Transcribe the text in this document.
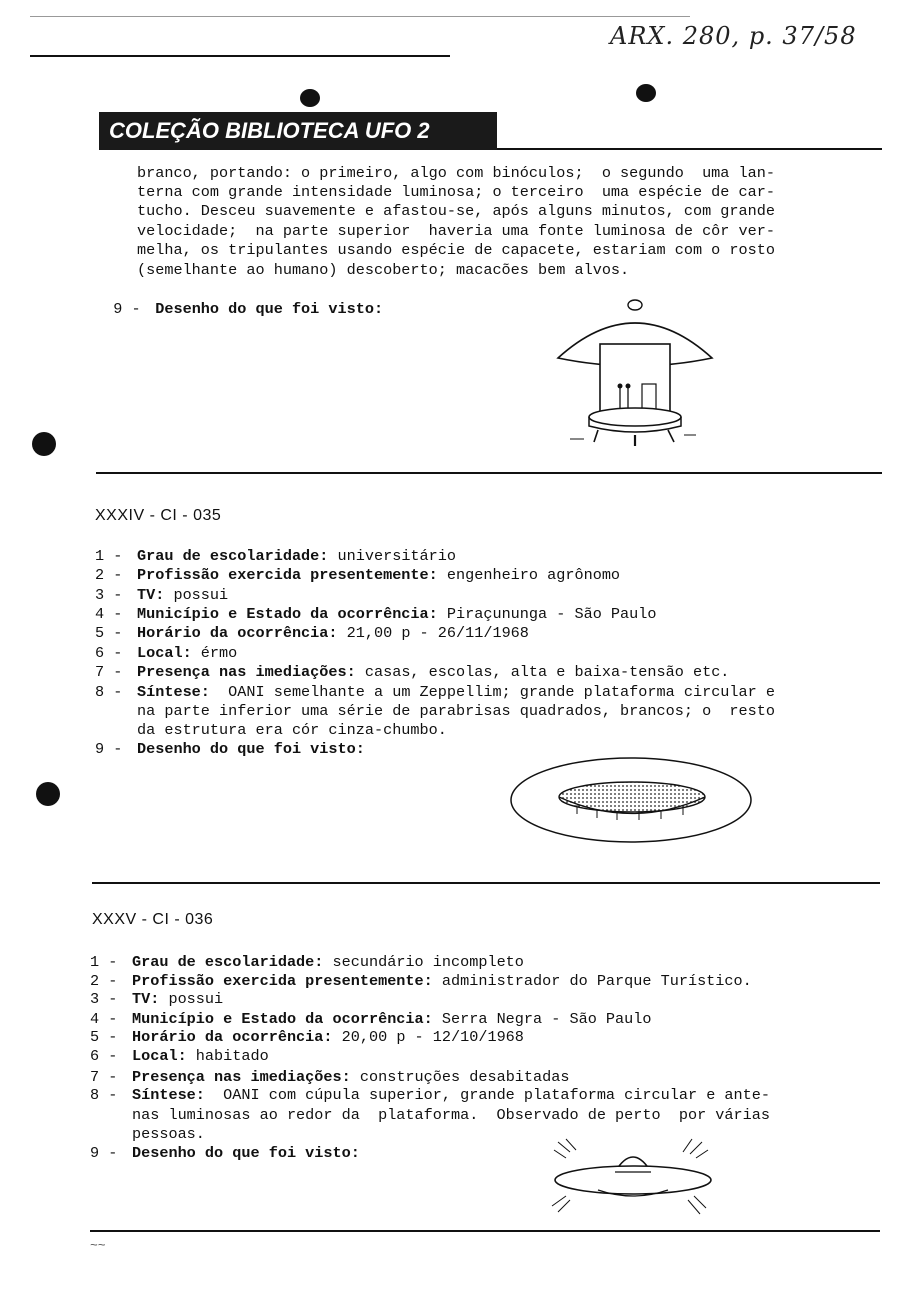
ARX. 280, p. 37/58
COLEÇÃO BIBLIOTECA UFO 2
branco, portando: o primeiro, algo com binóculos;  o segundo  uma lan-
terna com grande intensidade luminosa; o terceiro  uma espécie de car-
tucho. Desceu suavemente e afastou-se, após alguns minutos, com grande
velocidade;  na parte superior  haveria uma fonte luminosa de côr ver-
melha, os tripulantes usando espécie de capacete, estariam com o rosto
(semelhante ao humano) descoberto; macacões bem alvos.

9 - Desenho do que foi visto:

XXXIV - CI - 035
1 - Grau de escolaridade: universitário
2 - Profissão exercida presentemente: engenheiro agrônomo
3 - TV: possui
4 - Município e Estado da ocorrência: Piraçununga - São Paulo
5 - Horário da ocorrência: 21,00 p - 26/11/1968
6 - Local: érmo
7 - Presença nas imediações: casas, escolas, alta e baixa-tensão etc.
8 - Síntese:  OANI semelhante a um Zeppellim; grande plataforma circular e
na parte inferior uma série de parabrisas quadrados, brancos; o  resto
da estrutura era cór cinza-chumbo.
9 - Desenho do que foi visto:
XXXV - CI - 036
1 - Grau de escolaridade: secundário incompleto
2 - Profissão exercida presentemente: administrador do Parque Turístico.
3 - TV: possui
4 - Município e Estado da ocorrência: Serra Negra - São Paulo
5 - Horário da ocorrência: 20,00 p - 12/10/1968
6 - Local: habitado
7 - Presença nas imediações: construções desabitadas
8 - Síntese:  OANI com cúpula superior, grande plataforma circular e ante-
nas luminosas ao redor da  plataforma.  Observado de perto  por várias
pessoas.
9 - Desenho do que foi visto:
~~
